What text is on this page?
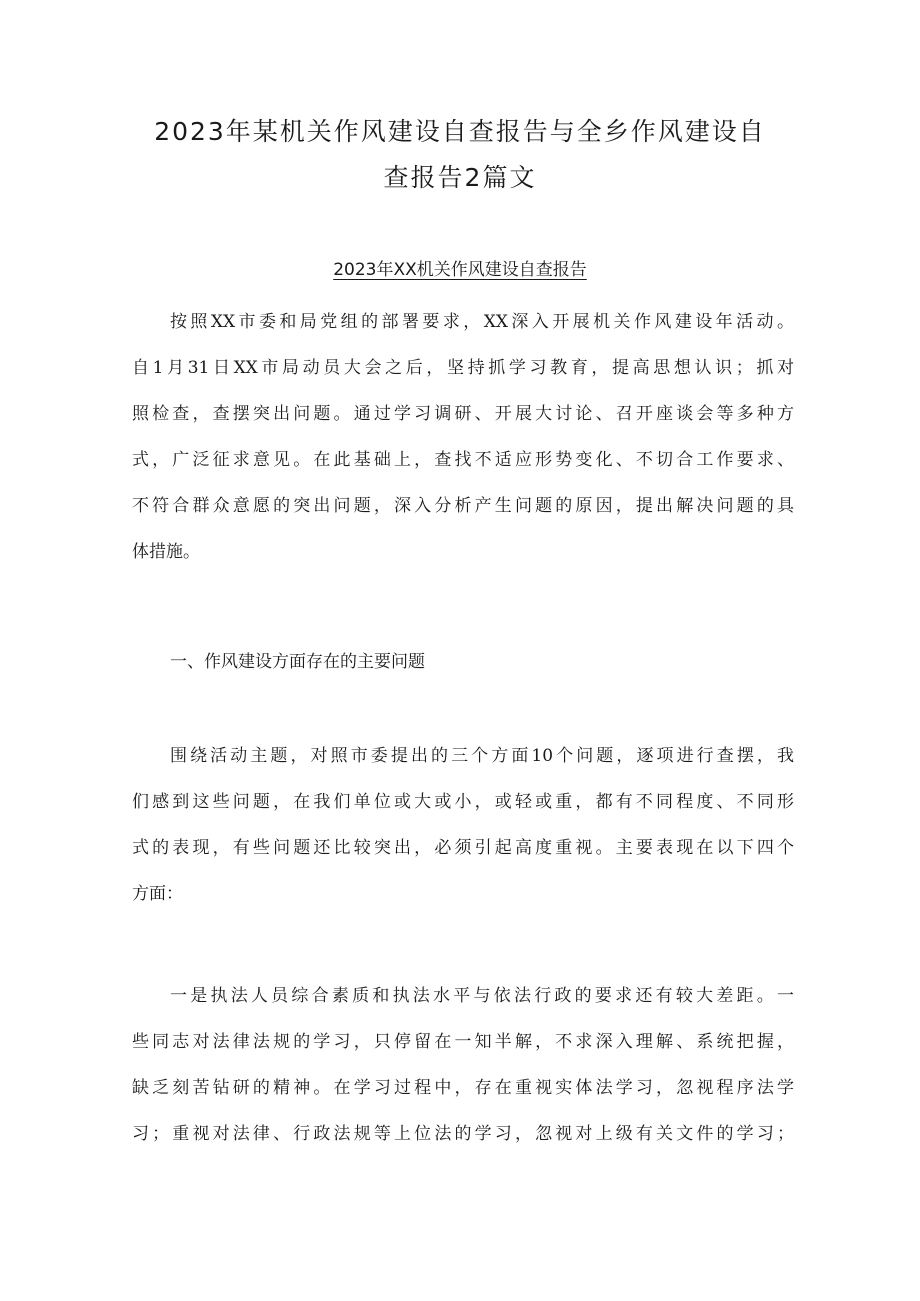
2023年某机关作风建设自查报告与全乡作风建设自
查报告2篇文
2023年XX机关作风建设自查报告
按照XX市委和局党组的部署要求，XX深入开展机关作风建设年活动。
自1月31日XX市局动员大会之后，坚持抓学习教育，提高思想认识；抓对
照检查，查摆突出问题。通过学习调研、开展大讨论、召开座谈会等多种方
式，广泛征求意见。在此基础上，查找不适应形势变化、不切合工作要求、
不符合群众意愿的突出问题，深入分析产生问题的原因，提出解决问题的具
体措施。
一、作风建设方面存在的主要问题
围绕活动主题，对照市委提出的三个方面10个问题，逐项进行查摆，我
们感到这些问题，在我们单位或大或小，或轻或重，都有不同程度、不同形
式的表现，有些问题还比较突出，必须引起高度重视。主要表现在以下四个
方面：
一是执法人员综合素质和执法水平与依法行政的要求还有较大差距。一
些同志对法律法规的学习，只停留在一知半解，不求深入理解、系统把握，
缺乏刻苦钻研的精神。在学习过程中，存在重视实体法学习，忽视程序法学
习；重视对法律、行政法规等上位法的学习，忽视对上级有关文件的学习；
